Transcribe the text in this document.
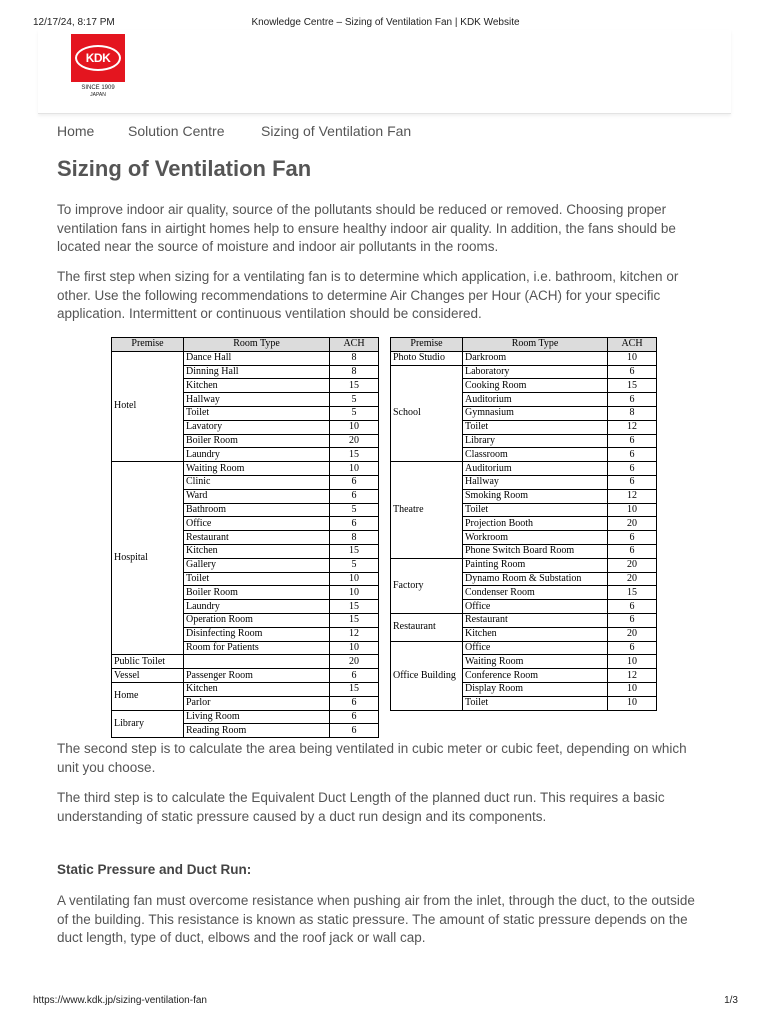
12/17/24, 8:17 PM	Knowledge Centre – Sizing of Ventilation Fan | KDK Website
KDK
SINCE 1909
JAPAN
Home Solution Centre	Sizing of Ventilation Fan
Sizing of Ventilation Fan

To improve indoor air quality, source of the pollutants should be reduced or removed. Choosing proper ventilation fans in airtight homes help to ensure healthy indoor air quality. In addition, the fans should be located near the source of moisture and indoor air pollutants in the rooms.

The first step when sizing for a ventilating fan is to determine which application, i.e. bathroom, kitchen or other. Use the following recommendations to determine Air Changes per Hour (ACH) for your specific application. Intermittent or continuous ventilation should be considered.

Premise	Room Type	ACH
Hotel	Dance Hall	8
	Dinning Hall	8
	Kitchen	15
	Hallway	5
	Toilet	5
	Lavatory	10
	Boiler Room	20
	Laundry	15
Hospital	Waiting Room	10
	Clinic	6
	Ward	6
	Bathroom	5
	Office	6
	Restaurant	8
	Kitchen	15
	Gallery	5
	Toilet	10
	Boiler Room	10
	Laundry	15
	Operation Room	15
	Disinfecting Room	12
	Room for Patients	10
Public Toilet		20
Vessel	Passenger Room	6
Home	Kitchen	15
	Parlor	6
Library	Living Room	6
	Reading Room	6
Premise	Room Type	ACH
Photo Studio	Darkroom	10
School	Laboratory	6
	Cooking Room	15
	Auditorium	6
	Gymnasium	8
	Toilet	12
	Library	6
	Classroom	6
Theatre	Auditorium	6
	Hallway	6
	Smoking Room	12
	Toilet	10
	Projection Booth	20
	Workroom	6
	Phone Switch Board Room	6
Factory	Painting Room	20
	Dynamo Room & Substation	20
	Condenser Room	15
	Office	6
Restaurant	Restaurant	6
	Kitchen	20
Office Building	Office	6
	Waiting Room	10
	Conference Room	12
	Display Room	10
	Toilet	10

The second step is to calculate the area being ventilated in cubic meter or cubic feet, depending on which unit you choose.

The third step is to calculate the Equivalent Duct Length of the planned duct run. This requires a basic understanding of static pressure caused by a duct run design and its components.

Static Pressure and Duct Run:

A ventilating fan must overcome resistance when pushing air from the inlet, through the duct, to the outside of the building. This resistance is known as static pressure. The amount of static pressure depends on the duct length, type of duct, elbows and the roof jack or wall cap.

https://www.kdk.jp/sizing-ventilation-fan	1/3
